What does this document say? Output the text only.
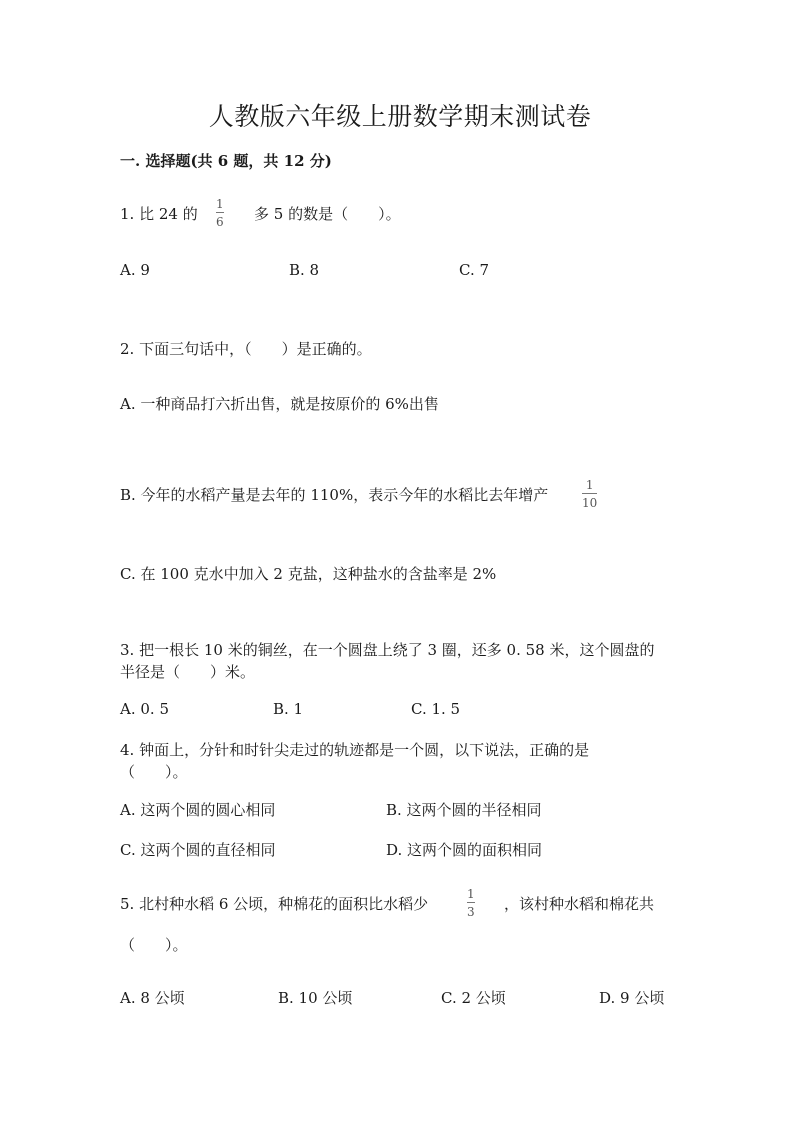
人教版六年级上册数学期末测试卷
一. 选择题(共 6 题，共 12 分)
1. 比 24 的
1
6 多 5 的数是（　　）。
A. 9	B. 8	C. 7
2. 下面三句话中，（　　）是正确的。
A. 一种商品打六折出售，就是按原价的 6%出售
B. 今年的水稻产量是去年的 110%，表示今年的水稻比去年增产
1
10
C. 在 100 克水中加入 2 克盐，这种盐水的含盐率是 2%
3. 把一根长 10 米的铜丝，在一个圆盘上绕了 3 圈，还多 0. 58 米，这个圆盘的
半径是（　　）米。
A. 0. 5	B. 1	C. 1. 5
4. 钟面上，分针和时针尖走过的轨迹都是一个圆，以下说法，正确的是
（　　）。
A. 这两个圆的圆心相同	B. 这两个圆的半径相同
C. 这两个圆的直径相同	D. 这两个圆的面积相同
5. 北村种水稻 6 公顷，种棉花的面积比水稻少
1
3 ，该村种水稻和棉花共
（　　）。
A. 8 公顷	B. 10 公顷	C. 2 公顷	D. 9 公顷
